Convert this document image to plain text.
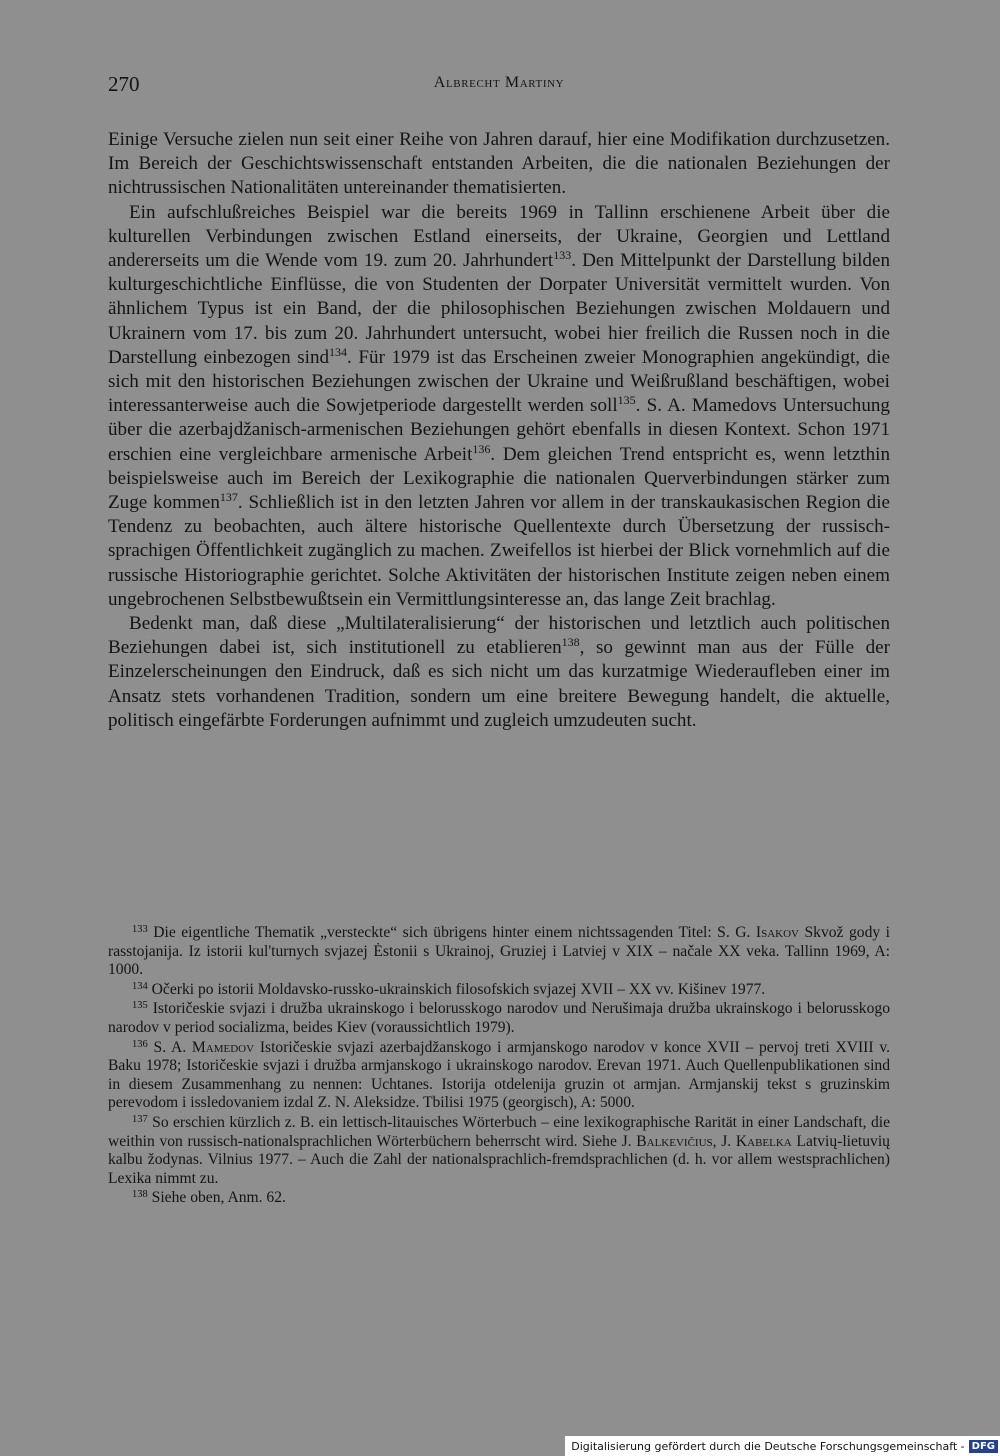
270	Albrecht Martiny

Einige Versuche zielen nun seit einer Reihe von Jahren darauf, hier eine Modifikation durchzusetzen. Im Bereich der Geschichtswissenschaft entstanden Arbeiten, die die nationalen Beziehungen der nichtrussischen Nationalitäten untereinander thematisierten.

Ein aufschlußreiches Beispiel war die bereits 1969 in Tallinn erschienene Arbeit über die kulturellen Verbindungen zwischen Estland einerseits, der Ukraine, Georgien und Lettland andererseits um die Wende vom 19. zum 20. Jahrhundert$^{133}$. Den Mittelpunkt der Darstellung bilden kulturgeschichtliche Einflüsse, die von Studenten der Dorpater Universität vermittelt wurden. Von ähnlichem Typus ist ein Band, der die philosophischen Beziehungen zwischen Moldauern und Ukrainern vom 17. bis zum 20. Jahrhundert untersucht, wobei hier freilich die Russen noch in die Darstellung einbezogen sind$^{134}$. Für 1979 ist das Erscheinen zweier Monographien angekündigt, die sich mit den historischen Beziehungen zwischen der Ukraine und Weißrußland beschäftigen, wobei interessanterweise auch die Sowjetperiode dargestellt werden soll$^{135}$. S. A. Mamedovs Untersuchung über die azerbajdžanisch-armenischen Beziehungen gehört ebenfalls in diesen Kontext. Schon 1971 erschien eine vergleichbare armenische Arbeit$^{136}$. Dem gleichen Trend entspricht es, wenn letzthin beispielsweise auch im Bereich der Lexikographie die nationalen Querverbindungen stärker zum Zuge kommen$^{137}$. Schließlich ist in den letzten Jahren vor allem in der transkaukasischen Region die Tendenz zu beobachten, auch ältere historische Quellentexte durch Übersetzung der russisch-sprachigen Öffentlichkeit zugänglich zu machen. Zweifellos ist hierbei der Blick vornehmlich auf die russische Historiographie gerichtet. Solche Aktivitäten der historischen Institute zeigen neben einem ungebrochenen Selbstbewußtsein ein Vermittlungsinteresse an, das lange Zeit brachlag.

Bedenkt man, daß diese „Multilateralisierung“ der historischen und letztlich auch politischen Beziehungen dabei ist, sich institutionell zu etablieren$^{138}$, so gewinnt man aus der Fülle der Einzelerscheinungen den Eindruck, daß es sich nicht um das kurzatmige Wiederaufleben einer im Ansatz stets vorhandenen Tradition, sondern um eine breitere Bewegung handelt, die aktuelle, politisch eingefärbte Forderungen aufnimmt und zugleich umzudeuten sucht.

$^{133}$ Die eigentliche Thematik „versteckte“ sich übrigens hinter einem nichtssagenden Titel: S. G. Isakov Skvož gody i rasstojanija. Iz istorii kul'turnych svjazej Ėstonii s Ukrainoj, Gruziej i Latviej v XIX – načale XX veka. Tallinn 1969, A: 1000.

$^{134}$ Očerki po istorii Moldavsko-russko-ukrainskich filosofskich svjazej XVII – XX vv. Kišinev 1977.

$^{135}$ Istoričeskie svjazi i družba ukrainskogo i belorusskogo narodov und Nerušimaja družba ukrainskogo i belorusskogo narodov v period socializma, beides Kiev (voraussichtlich 1979).

$^{136}$ S. A. Mamedov Istoričeskie svjazi azerbajdžanskogo i armjanskogo narodov v konce XVII – pervoj treti XVIII v. Baku 1978; Istoričeskie svjazi i družba armjanskogo i ukrainskogo narodov. Erevan 1971. Auch Quellenpublikationen sind in diesem Zusammenhang zu nennen: Uchtanes. Istorija otdelenija gruzin ot armjan. Armjanskij tekst s gruzinskim perevodom i issledovaniem izdal Z. N. Aleksidze. Tbilisi 1975 (georgisch), A: 5000.

$^{137}$ So erschien kürzlich z. B. ein lettisch-litauisches Wörterbuch – eine lexikographische Rarität in einer Landschaft, die weithin von russisch-nationalsprachlichen Wörterbüchern beherrscht wird. Siehe J. Balkevičius, J. Kabelka Latvių-lietuvių kalbu žodynas. Vilnius 1977. – Auch die Zahl der nationalsprachlich-fremdsprachlichen (d. h. vor allem westsprachlichen) Lexika nimmt zu.

$^{138}$ Siehe oben, Anm. 62.

Digitalisierung gefördert durch die Deutsche Forschungsgemeinschaft - DFG
